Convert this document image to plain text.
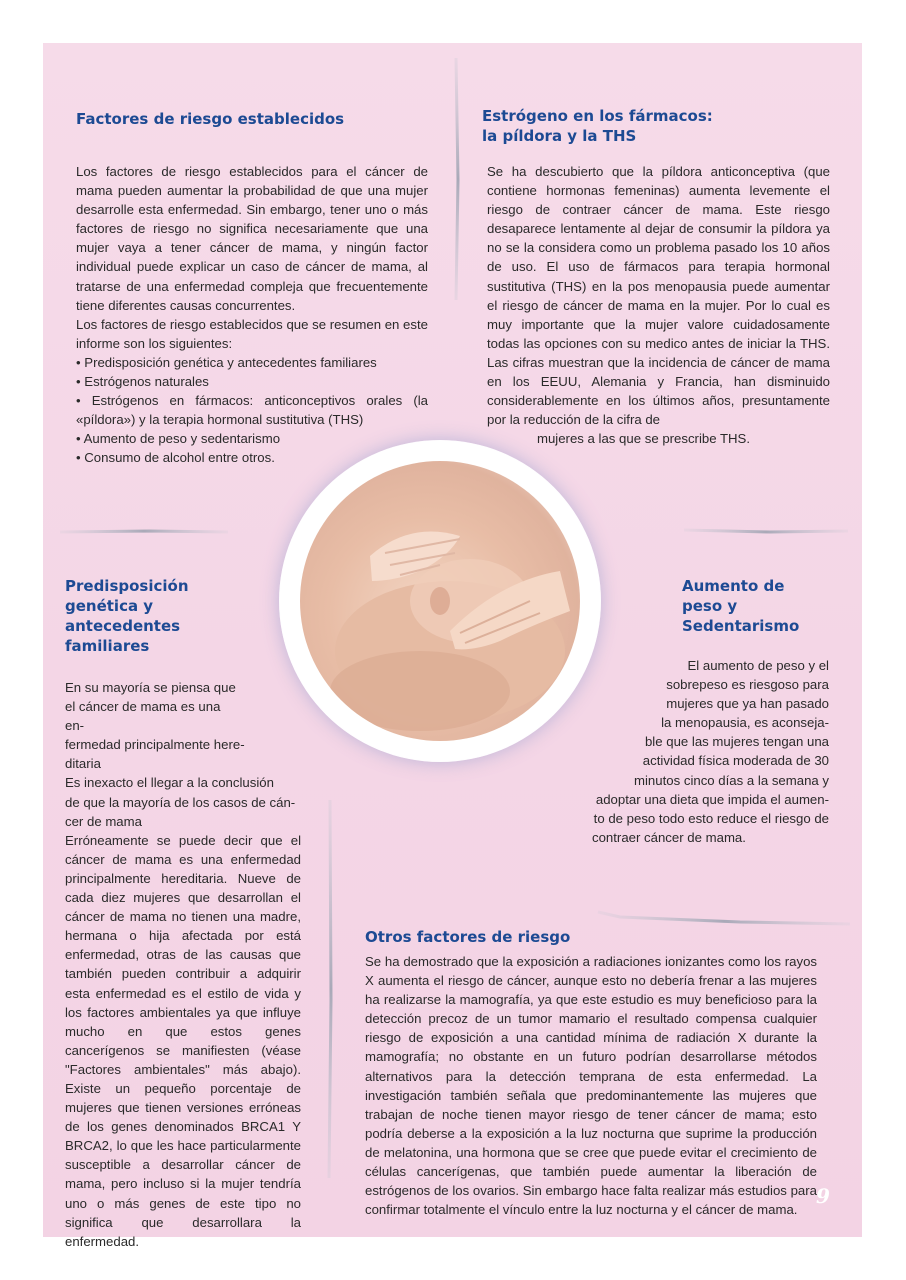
Factores de riesgo establecidos

Los factores de riesgo establecidos para el cáncer de mama pueden aumentar la probabilidad de que una mujer desarrolle esta enfermedad. Sin embargo, tener uno o más factores de riesgo no significa necesariamente que una mujer vaya a tener cáncer de mama, y ningún factor individual puede explicar un caso de cáncer de mama, al tratarse de una enfermedad compleja que frecuentemente tiene diferentes causas concurrentes.

Los factores de riesgo establecidos que se resumen en este informe son los siguientes:

• Predisposición genética y antecedentes familiares
• Estrógenos naturales
• Estrógenos en fármacos: anticonceptivos orales (la «píldora») y la terapia hormonal sustitutiva (THS)
• Aumento de peso y sedentarismo
• Consumo de alcohol entre otros.
Estrógeno en los fármacos:
la píldora y la THS

Se ha descubierto que la píldora anticonceptiva (que contiene hormonas femeninas) aumenta levemente el riesgo de contraer cáncer de mama. Este riesgo desaparece lentamente al dejar de consumir la píldora ya no se la considera como un problema pasado los 10 años de uso. El uso de fármacos para terapia hormonal sustitutiva (THS) en la pos menopausia puede aumentar el riesgo de cáncer de mama en la mujer. Por lo cual es muy importante que la mujer valore cuidadosamente todas las opciones con su medico antes de iniciar la THS. Las cifras muestran que la incidencia de cáncer de mama en los EEUU, Alemania y Francia, han disminuido considerablemente en los últimos años, presuntamente por la reducción de la cifra de

mujeres a las que se prescribe THS.

Predisposición
genética y
antecedentes
familiares
En su mayoría se piensa que
el cáncer de mama es una en-
fermedad principalmente here-
ditaria
Es inexacto el llegar a la conclusión
de que la mayoría de los casos de cán-
cer de mama

Erróneamente se puede decir que el cáncer de mama es una enfermedad principalmente hereditaria. Nueve de cada diez mujeres que desarrollan el cáncer de mama no tienen una madre, hermana o hija afectada por está enfermedad, otras de las causas que también pueden contribuir a adquirir esta enfermedad es el estilo de vida y los factores ambientales ya que influye mucho en que estos genes cancerígenos se manifiesten (véase "Factores ambientales" más abajo). Existe un pequeño porcentaje de mujeres que tienen versiones erróneas de los genes denominados BRCA1 Y BRCA2, lo que les hace particularmente susceptible a desarrollar cáncer de mama, pero incluso si la mujer tendría uno o más genes de este tipo no significa que desarrollara la enfermedad.

Aumento de
peso y
Sedentarismo
El aumento de peso y el
sobrepeso es riesgoso para
mujeres que ya han pasado
la menopausia, es aconseja-
ble que las mujeres tengan una
actividad física moderada de 30
minutos cinco días a la semana y
adoptar una dieta que impida el aumen-
to de peso todo esto reduce el riesgo de
contraer cáncer de mama.
Otros factores de riesgo

Se ha demostrado que la exposición a radiaciones ionizantes como los rayos X aumenta el riesgo de cáncer, aunque esto no debería frenar a las mujeres ha realizarse la mamografía, ya que este estudio es muy beneficioso para la detección precoz de un tumor mamario el resultado compensa cualquier riesgo de exposición a una cantidad mínima de radiación X durante la mamografía; no obstante en un futuro podrían desarrollarse métodos alternativos para la detección temprana de esta enfermedad. La investigación también señala que predominantemente las mujeres que trabajan de noche tienen mayor riesgo de tener cáncer de mama; esto podría deberse a la exposición a la luz nocturna que suprime la producción de melatonina, una hormona que se cree que puede evitar el crecimiento de células cancerígenas, que también puede aumentar la liberación de estrógenos de los ovarios. Sin embargo hace falta realizar más estudios para confirmar totalmente el vínculo entre la luz nocturna y el cáncer de mama.

9
